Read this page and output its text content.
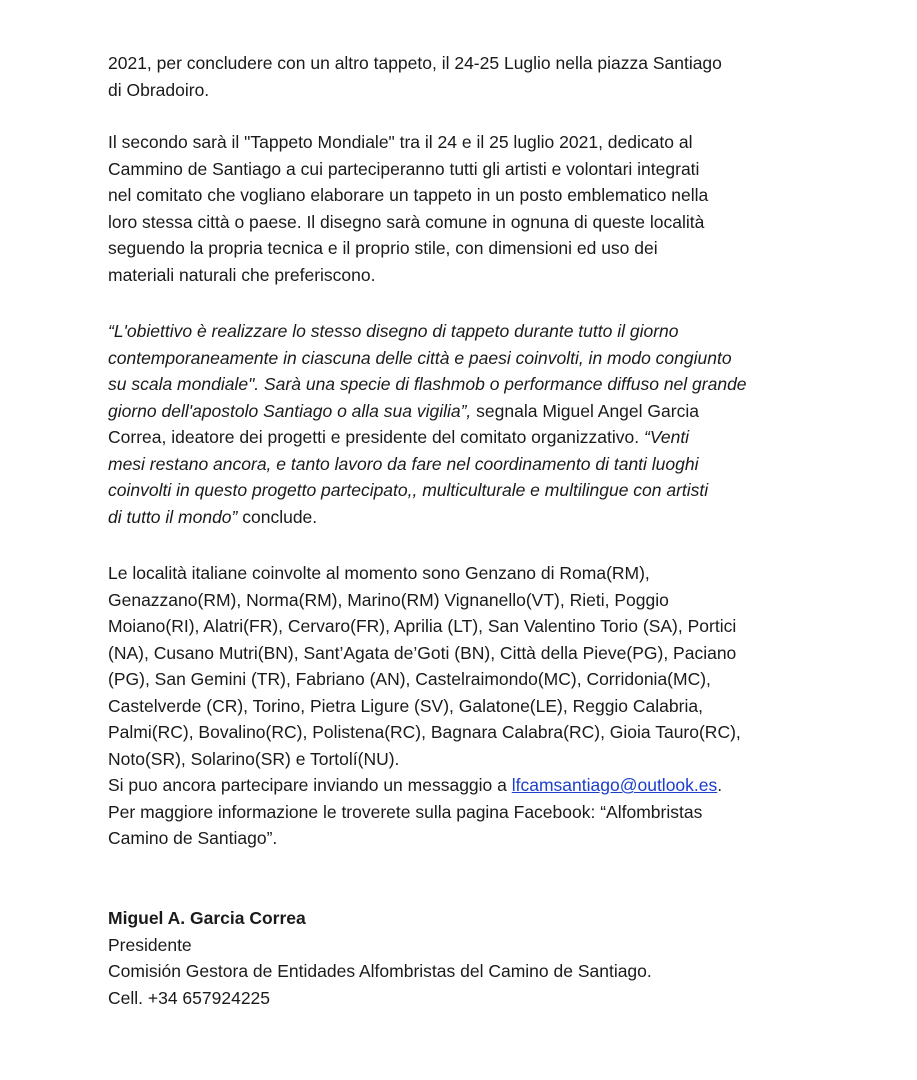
2021, per concludere con un altro tappeto, il 24-25 Luglio nella piazza Santiago
di Obradoiro.
Il secondo sarà il "Tappeto Mondiale" tra il 24 e il 25 luglio 2021, dedicato al
Cammino de Santiago a cui parteciperanno tutti gli artisti e volontari integrati
nel comitato che vogliano elaborare un tappeto in un posto emblematico nella
loro stessa città o paese. Il disegno sarà comune in ognuna di queste località
seguendo la propria tecnica e il proprio stile, con dimensioni ed uso dei
materiali naturali che preferiscono.
“L'obiettivo è realizzare lo stesso disegno di tappeto durante tutto il giorno
contemporaneamente in ciascuna delle città e paesi coinvolti, in modo congiunto
su scala mondiale". Sarà una specie di flashmob o performance diffuso nel grande
giorno dell'apostolo Santiago o alla sua vigilia”, segnala Miguel Angel Garcia
Correa, ideatore dei progetti e presidente del comitato organizzativo. “Venti
mesi restano ancora, e tanto lavoro da fare nel coordinamento di tanti luoghi
coinvolti in questo progetto partecipato,, multiculturale e multilingue con artisti
di tutto il mondo” conclude.
Le località italiane coinvolte al momento sono Genzano di Roma(RM),
Genazzano(RM), Norma(RM), Marino(RM) Vignanello(VT), Rieti, Poggio
Moiano(RI), Alatri(FR), Cervaro(FR), Aprilia (LT), San Valentino Torio (SA), Portici
(NA), Cusano Mutri(BN), Sant’Agata de’Goti (BN), Città della Pieve(PG), Paciano
(PG), San Gemini (TR), Fabriano (AN), Castelraimondo(MC), Corridonia(MC),
Castelverde (CR), Torino, Pietra Ligure (SV), Galatone(LE), Reggio Calabria,
Palmi(RC), Bovalino(RC), Polistena(RC), Bagnara Calabra(RC), Gioia Tauro(RC),
Noto(SR), Solarino(SR) e Tortolí(NU).
Si puo ancora partecipare inviando un messaggio a lfcamsantiago@outlook.es.
Per maggiore informazione le troverete sulla pagina Facebook: “Alfombristas
Camino de Santiago”.
Miguel A. Garcia Correa
Presidente
Comisión Gestora de Entidades Alfombristas del Camino de Santiago.
Cell. +34 657924225
